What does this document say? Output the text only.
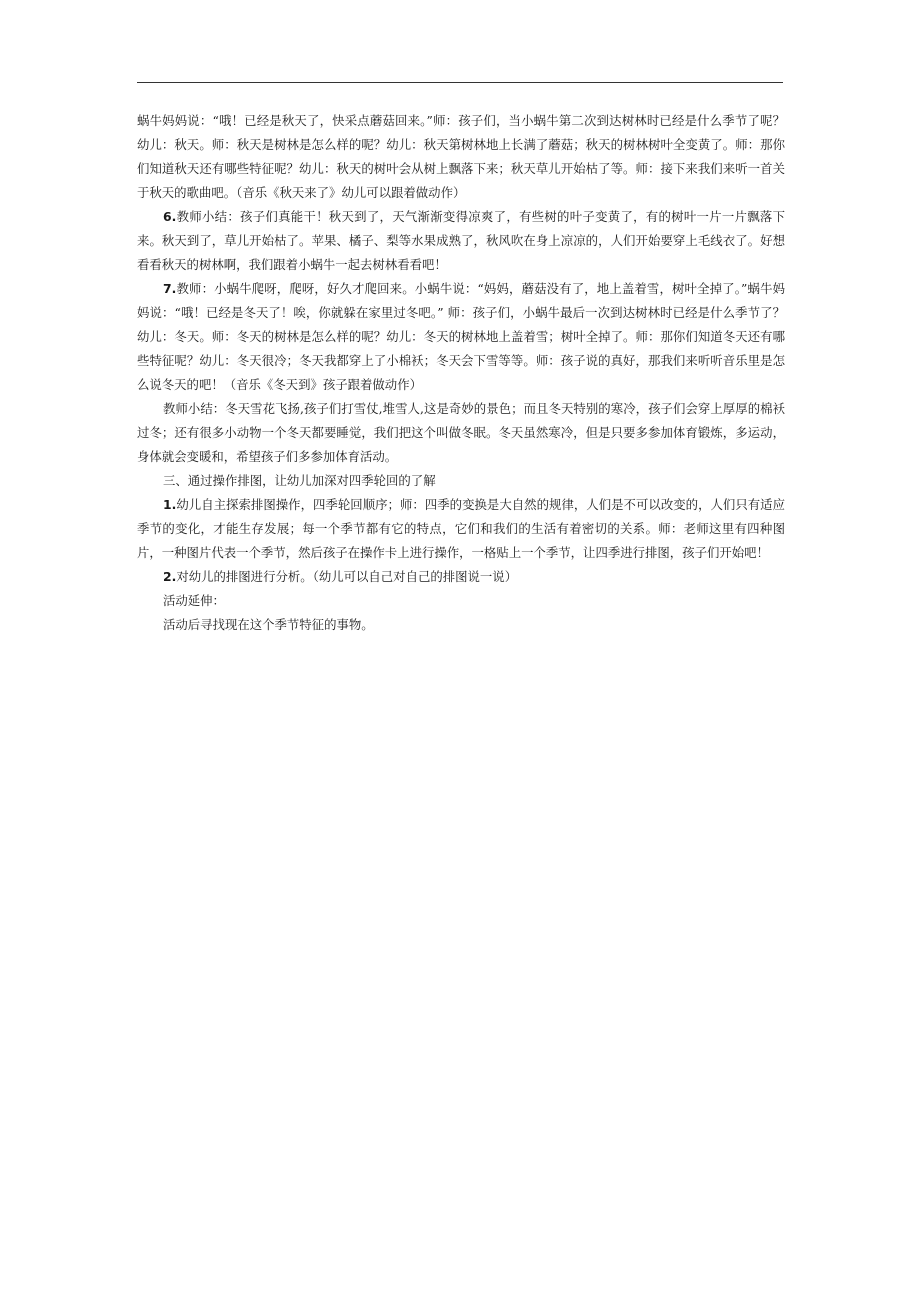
蜗牛妈妈说：“哦！已经是秋天了，快采点蘑菇回来。”师：孩子们，当小蜗牛第二次到达树林时已经是什么季节了呢？幼儿：秋天。师：秋天是树林是怎么样的呢？幼儿：秋天第树林地上长满了蘑菇；秋天的树林树叶全变黄了。师：那你们知道秋天还有哪些特征呢？幼儿：秋天的树叶会从树上飘落下来；秋天草儿开始枯了等。师：接下来我们来听一首关于秋天的歌曲吧。（音乐《秋天来了》幼儿可以跟着做动作）

6.教师小结：孩子们真能干！秋天到了，天气渐渐变得凉爽了，有些树的叶子变黄了，有的树叶一片一片飘落下来。秋天到了，草儿开始枯了。苹果、橘子、梨等水果成熟了，秋风吹在身上凉凉的，人们开始要穿上毛线衣了。好想看看秋天的树林啊，我们跟着小蜗牛一起去树林看看吧！

7.教师：小蜗牛爬呀，爬呀，好久才爬回来。小蜗牛说：“妈妈，蘑菇没有了，地上盖着雪，树叶全掉了。”蜗牛妈妈说：“哦！已经是冬天了！唉，你就躲在家里过冬吧。” 师：孩子们，小蜗牛最后一次到达树林时已经是什么季节了？幼儿：冬天。师：冬天的树林是怎么样的呢？幼儿：冬天的树林地上盖着雪；树叶全掉了。师：那你们知道冬天还有哪些特征呢？幼儿：冬天很冷；冬天我都穿上了小棉袄；冬天会下雪等等。师：孩子说的真好，那我们来听听音乐里是怎么说冬天的吧！（音乐《冬天到》孩子跟着做动作）

教师小结：冬天雪花飞扬,孩子们打雪仗,堆雪人,这是奇妙的景色；而且冬天特别的寒冷，孩子们会穿上厚厚的棉袄过冬；还有很多小动物一个冬天都要睡觉，我们把这个叫做冬眠。冬天虽然寒冷，但是只要多参加体育锻炼，多运动，身体就会变暖和，希望孩子们多参加体育活动。

三、通过操作排图，让幼儿加深对四季轮回的了解

1.幼儿自主探索排图操作，四季轮回顺序；师：四季的变换是大自然的规律，人们是不可以改变的，人们只有适应季节的变化，才能生存发展；每一个季节都有它的特点，它们和我们的生活有着密切的关系。师：老师这里有四种图片，一种图片代表一个季节，然后孩子在操作卡上进行操作，一格贴上一个季节，让四季进行排图，孩子们开始吧！

2.对幼儿的排图进行分析。（幼儿可以自己对自己的排图说一说）

活动延伸：

活动后寻找现在这个季节特征的事物。
